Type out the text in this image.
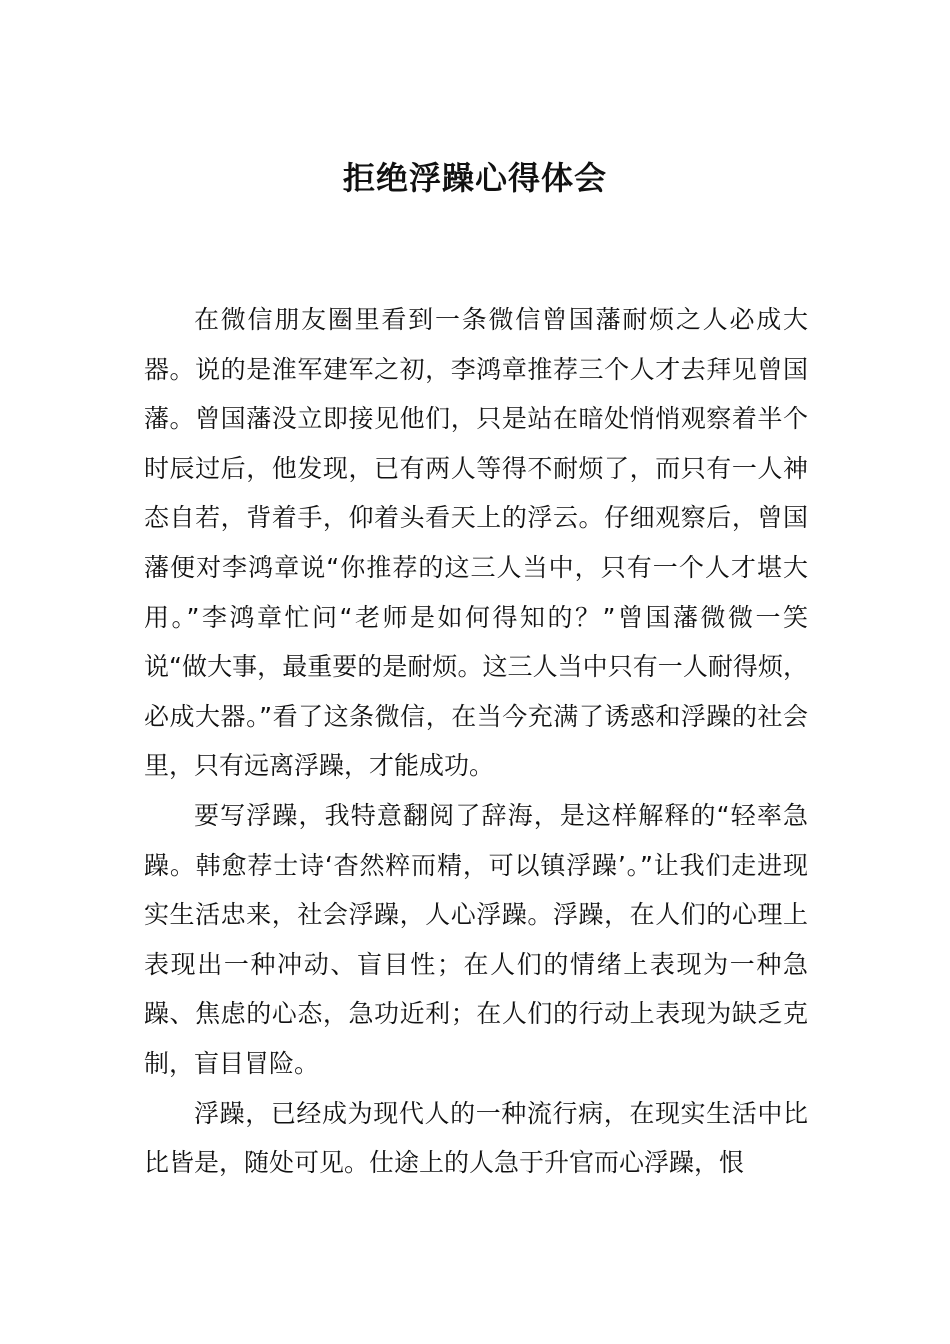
拒绝浮躁心得体会

在微信朋友圈里看到一条微信曾国藩耐烦之人必成大器。说的是淮军建军之初，李鸿章推荐三个人才去拜见曾国藩。曾国藩没立即接见他们，只是站在暗处悄悄观察着半个时辰过后，他发现，已有两人等得不耐烦了，而只有一人神态自若，背着手，仰着头看天上的浮云。仔细观察后，曾国藩便对李鸿章说“你推荐的这三人当中，只有一个人才堪大用。”李鸿章忙问“老师是如何得知的？”曾国藩微微一笑说“做大事，最重要的是耐烦。这三人当中只有一人耐得烦，必成大器。”看了这条微信，在当今充满了诱惑和浮躁的社会里，只有远离浮躁，才能成功。

要写浮躁，我特意翻阅了辞海，是这样解释的“轻率急躁。韩愈荐士诗‘杳然粹而精，可以镇浮躁’。”让我们走进现实生活忠来，社会浮躁，人心浮躁。浮躁，在人们的心理上表现出一种冲动、盲目性；在人们的情绪上表现为一种急躁、焦虑的心态，急功近利；在人们的行动上表现为缺乏克制，盲目冒险。

浮躁，已经成为现代人的一种流行病，在现实生活中比比皆是，随处可见。仕途上的人急于升官而心浮躁，恨
